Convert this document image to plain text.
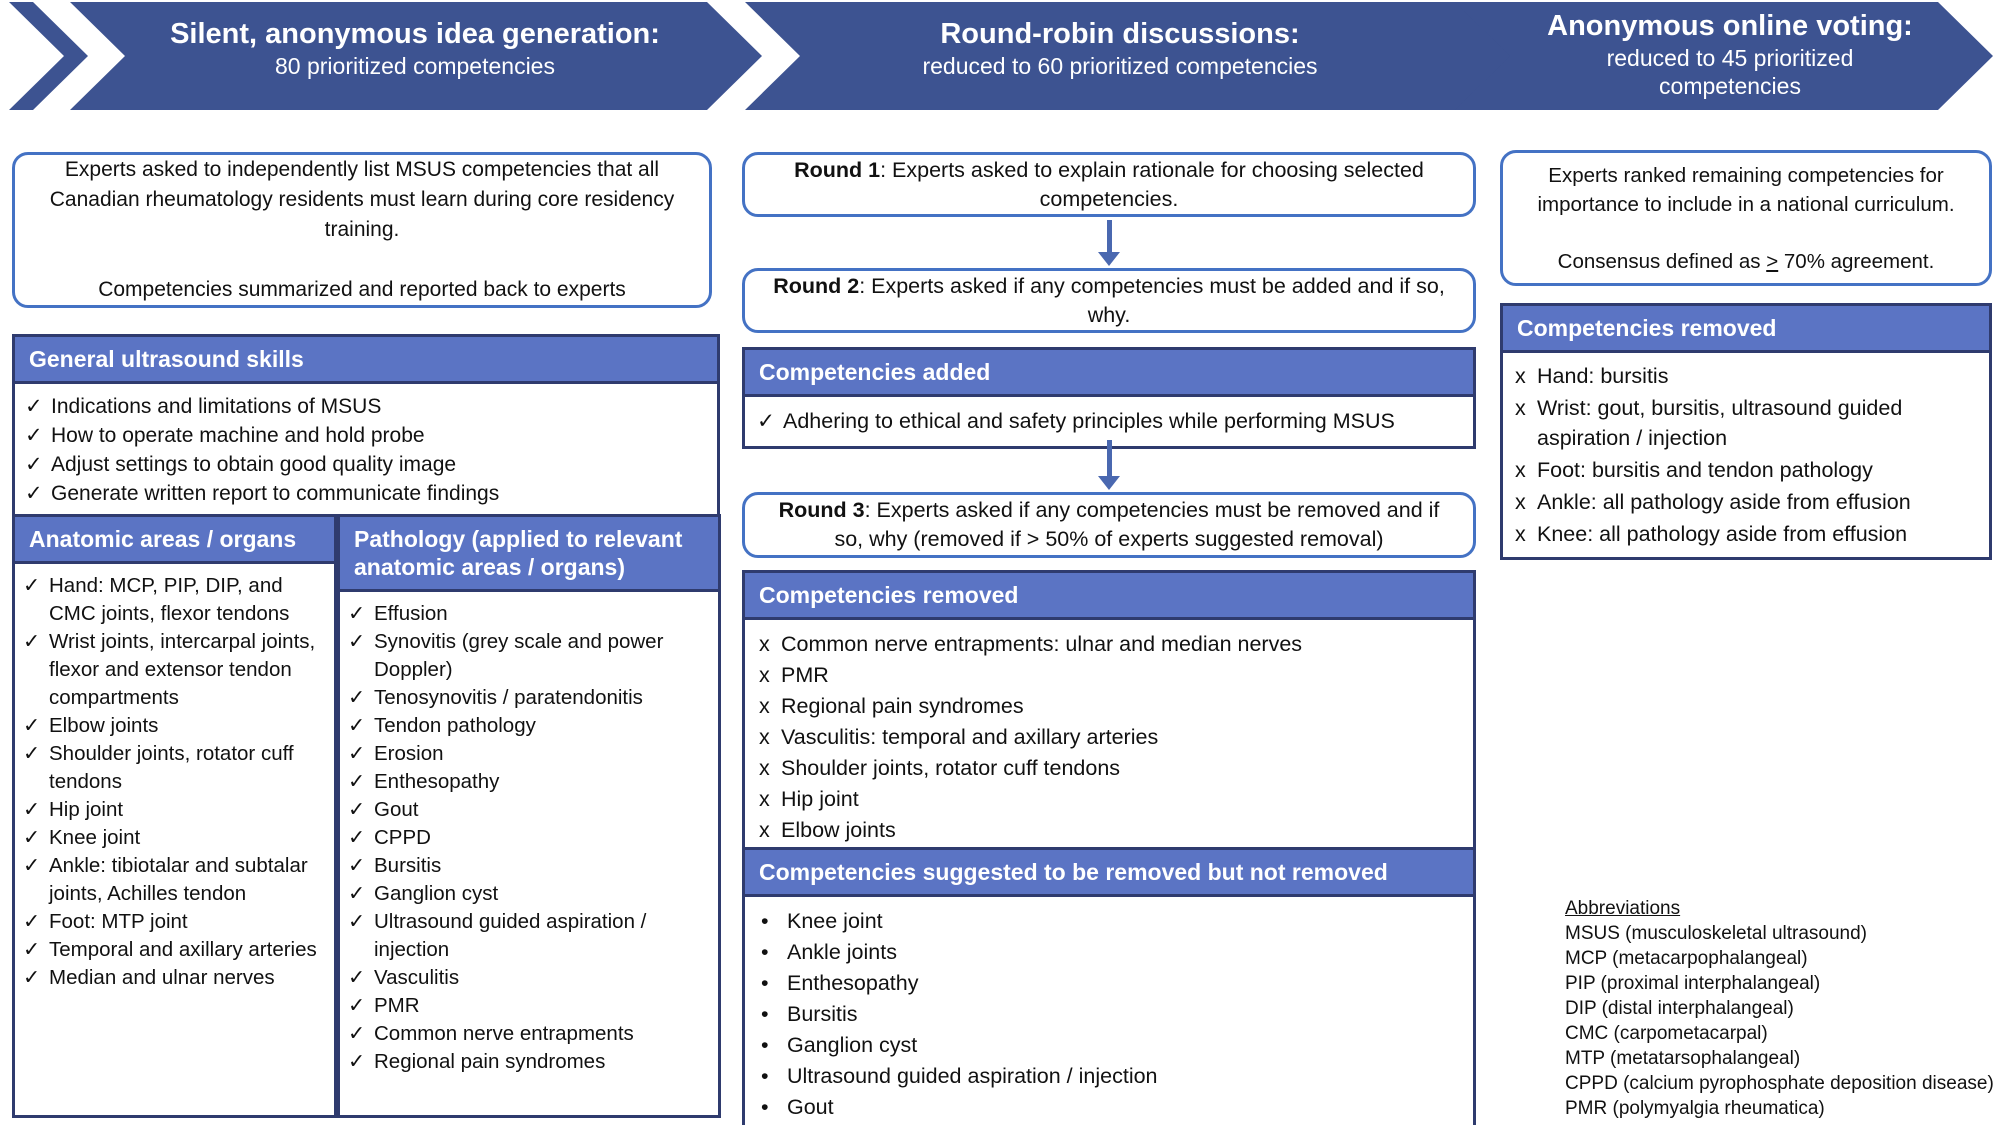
Silent, anonymous idea generation:
80 prioritized competencies
Round-robin discussions:
reduced to 60 prioritized competencies
Anonymous online voting:
reduced to 45 prioritized competencies
Experts asked to independently list MSUS competencies that all Canadian rheumatology residents must learn during core residency training.
Competencies summarized and reported back to experts
General ultrasound skills
✓ Indications and limitations of MSUS
✓ How to operate machine and hold probe
✓ Adjust settings to obtain good quality image
✓ Generate written report to communicate findings
Anatomic areas / organs
✓ Hand: MCP, PIP, DIP, and CMC joints, flexor tendons
✓ Wrist joints, intercarpal joints, flexor and extensor tendon compartments
✓ Elbow joints
✓ Shoulder joints, rotator cuff tendons
✓ Hip joint
✓ Knee joint
✓ Ankle: tibiotalar and subtalar joints, Achilles tendon
✓ Foot: MTP joint
✓ Temporal and axillary arteries
✓ Median and ulnar nerves
Pathology (applied to relevant anatomic areas / organs)
✓ Effusion
✓ Synovitis (grey scale and power Doppler)
✓ Tenosynovitis / paratendonitis
✓ Tendon pathology
✓ Erosion
✓ Enthesopathy
✓ Gout
✓ CPPD
✓ Bursitis
✓ Ganglion cyst
✓ Ultrasound guided aspiration / injection
✓ Vasculitis
✓ PMR
✓ Common nerve entrapments
✓ Regional pain syndromes
Round 1: Experts asked to explain rationale for choosing selected competencies.
Round 2: Experts asked if any competencies must be added and if so, why.
Competencies added
✓ Adhering to ethical and safety principles while performing MSUS
Round 3: Experts asked if any competencies must be removed and if so, why (removed if > 50% of experts suggested removal)
Competencies removed
x Common nerve entrapments: ulnar and median nerves
x PMR
x Regional pain syndromes
x Vasculitis: temporal and axillary arteries
x Shoulder joints, rotator cuff tendons
x Hip joint
x Elbow joints
Competencies suggested to be removed but not removed
• Knee joint
• Ankle joints
• Enthesopathy
• Bursitis
• Ganglion cyst
• Ultrasound guided aspiration / injection
• Gout
Experts ranked remaining competencies for importance to include in a national curriculum.
Consensus defined as ≥ 70% agreement.
Competencies removed
x Hand: bursitis
x Wrist: gout, bursitis, ultrasound guided aspiration / injection
x Foot: bursitis and tendon pathology
x Ankle: all pathology aside from effusion
x Knee: all pathology aside from effusion
Abbreviations
MSUS (musculoskeletal ultrasound)
MCP (metacarpophalangeal)
PIP (proximal interphalangeal)
DIP (distal interphalangeal)
CMC (carpometacarpal)
MTP (metatarsophalangeal)
CPPD (calcium pyrophosphate deposition disease)
PMR (polymyalgia rheumatica)
